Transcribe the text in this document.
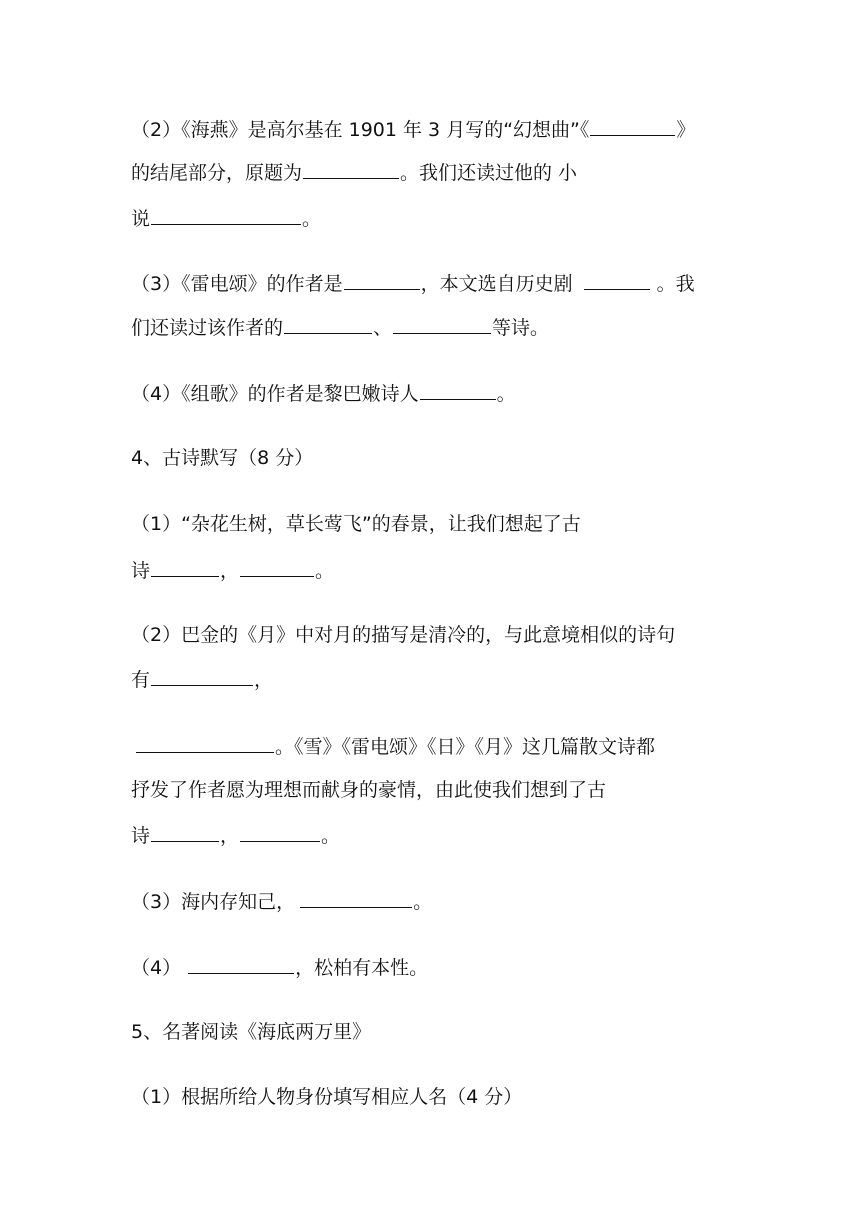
（2）《海燕》是高尔基在 1901 年 3 月写的“幻想曲”《	》
的结尾部分，原题为	。我们还读过他的 小
说	。
（3）《雷电颂》的作者是	，本文选自历史剧	。我
们还读过该作者的	、	等诗。
（4）《组歌》的作者是黎巴嫩诗人	。
4、古诗默写（8 分）
（1）“杂花生树，草长莺飞”的春景，让我们想起了古
诗	，	。
（2）巴金的《月》中对月的描写是清冷的，与此意境相似的诗句
有	，
。《雪》《雷电颂》《日》《月》这几篇散文诗都
抒发了作者愿为理想而献身的豪情，由此使我们想到了古
诗	，	。
（3）海内存知己，	。
（4）	，松柏有本性。
5、名著阅读《海底两万里》
（1）根据所给人物身份填写相应人名（4 分）
